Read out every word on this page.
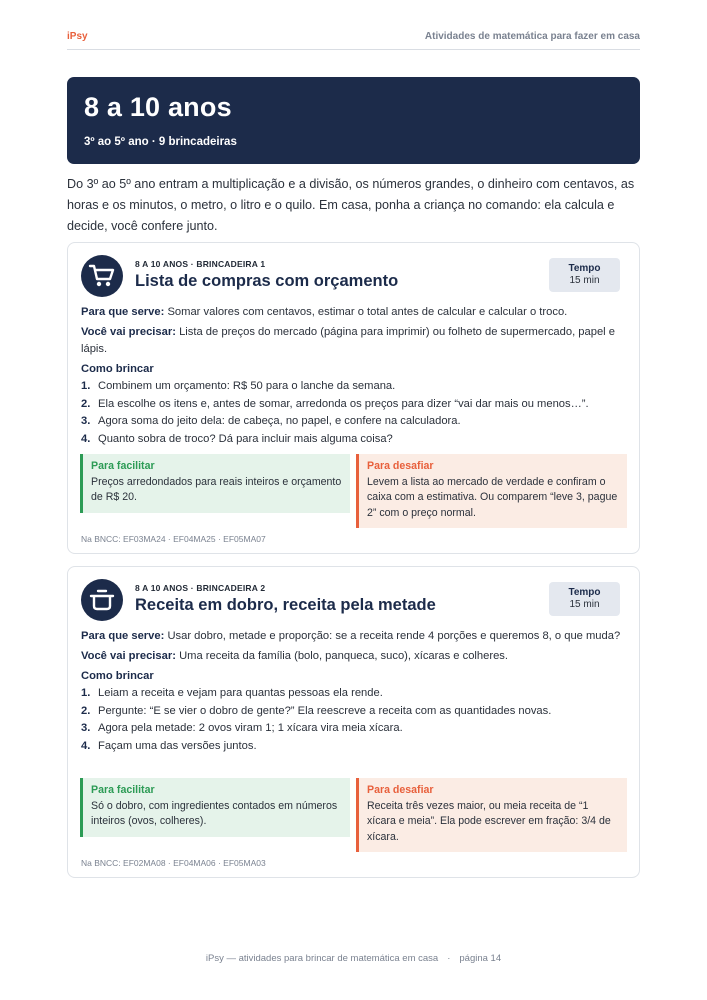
iPsy	Atividades de matemática para fazer em casa
8 a 10 anos
3º ao 5º ano · 9 brincadeiras
Do 3º ao 5º ano entram a multiplicação e a divisão, os números grandes, o dinheiro com centavos, as horas e os minutos, o metro, o litro e o quilo. Em casa, ponha a criança no comando: ela calcula e decide, você confere junto.
8 A 10 ANOS · BRINCADEIRA 1
Lista de compras com orçamento
Tempo
15 min

Para que serve: Somar valores com centavos, estimar o total antes de calcular e calcular o troco.

Você vai precisar: Lista de preços do mercado (página para imprimir) ou folheto de supermercado, papel e lápis.

Como brincar
1. Combinem um orçamento: R$ 50 para o lanche da semana.
2. Ela escolhe os itens e, antes de somar, arredonda os preços para dizer “vai dar mais ou menos…”.
3. Agora soma do jeito dela: de cabeça, no papel, e confere na calculadora.
4. Quanto sobra de troco? Dá para incluir mais alguma coisa?
Para facilitar
Preços arredondados para reais inteiros e orçamento de R$ 20.
Para desafiar
Levem a lista ao mercado de verdade e confiram o caixa com a estimativa. Ou comparem “leve 3, pague 2” com o preço normal.
Na BNCC: EF03MA24 · EF04MA25 · EF05MA07
8 A 10 ANOS · BRINCADEIRA 2
Receita em dobro, receita pela metade
Tempo
15 min

Para que serve: Usar dobro, metade e proporção: se a receita rende 4 porções e queremos 8, o que muda?

Você vai precisar: Uma receita da família (bolo, panqueca, suco), xícaras e colheres.

Como brincar
1. Leiam a receita e vejam para quantas pessoas ela rende.
2. Pergunte: “E se vier o dobro de gente?” Ela reescreve a receita com as quantidades novas.
3. Agora pela metade: 2 ovos viram 1; 1 xícara vira meia xícara.
4. Façam uma das versões juntos.
Para facilitar
Só o dobro, com ingredientes contados em números inteiros (ovos, colheres).
Para desafiar
Receita três vezes maior, ou meia receita de “1 xícara e meia”. Ela pode escrever em fração: 3/4 de xícara.
Na BNCC: EF02MA08 · EF04MA06 · EF05MA03
iPsy — atividades para brincar de matemática em casa · página 14
